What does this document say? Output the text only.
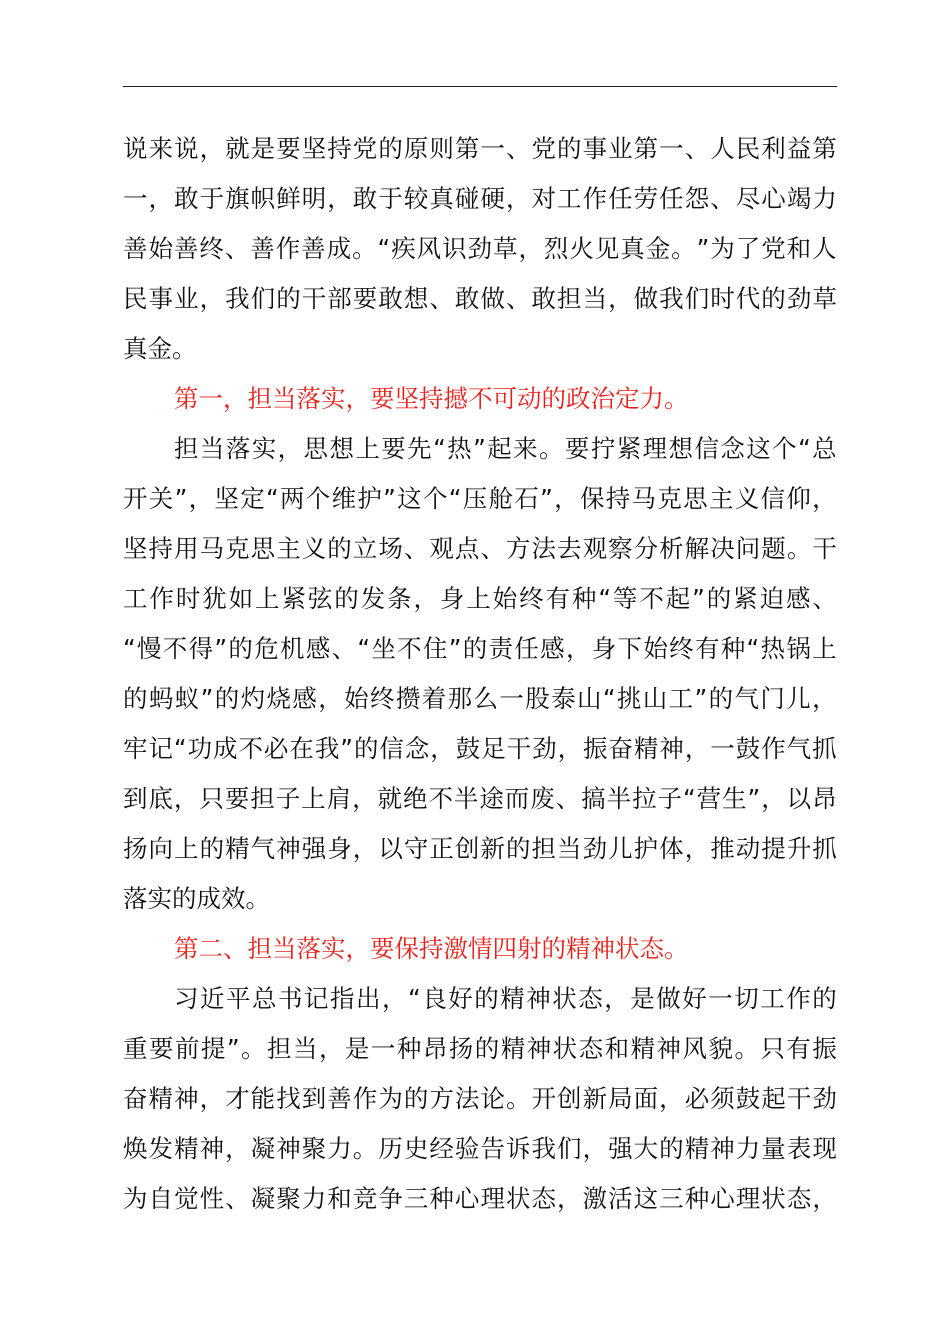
说 来 说 ， 就 是 要 坚 持 党 的 原 则 第 一 、 党 的 事 业 第 一 、 人 民 利 益 第
一 ， 敢 于 旗 帜 鲜 明 ， 敢 于 较 真 碰 硬 ， 对 工 作 任 劳 任 怨 、 尽 心 竭 力
善 始 善 终 、 善 作 善 成 。 “ 疾 风 识 劲 草 ， 烈 火 见 真 金 。 ” 为 了 党 和 人
民 事 业 ， 我 们 的 干 部 要 敢 想 、 敢 做 、 敢 担 当 ， 做 我 们 时 代 的 劲 草
真金。
第一，担当落实，要坚持撼不可动的政治定力。
担 当 落 实 ， 思 想 上 要 先 “ 热 ” 起 来 。 要 拧 紧 理 想 信 念 这 个 “ 总
开 关 ” ， 坚 定 “ 两 个 维 护 ” 这 个 “ 压 舱 石 ” ， 保 持 马 克 思 主 义 信 仰 ，
坚 持 用 马 克 思 主 义 的 立 场 、 观 点 、 方 法 去 观 察 分 析 解 决 问 题 。 干
工 作 时 犹 如 上 紧 弦 的 发 条 ， 身 上 始 终 有 种 “ 等 不 起 ” 的 紧 迫 感 、
“ 慢 不 得 ” 的 危 机 感 、 “ 坐 不 住 ” 的 责 任 感 ， 身 下 始 终 有 种 “ 热 锅 上
的 蚂 蚁 ” 的 灼 烧 感 ， 始 终 攒 着 那 么 一 股 泰 山 “ 挑 山 工 ” 的 气 门 儿 ，
牢 记 “ 功 成 不 必 在 我 ” 的 信 念 ， 鼓 足 干 劲 ， 振 奋 精 神 ， 一 鼓 作 气 抓
到 底 ， 只 要 担 子 上 肩 ， 就 绝 不 半 途 而 废 、 搞 半 拉 子 “ 营 生 ” ， 以 昂
扬 向 上 的 精 气 神 强 身 ， 以 守 正 创 新 的 担 当 劲 儿 护 体 ， 推 动 提 升 抓
落实的成效。
第二、担当落实，要保持激情四射的精神状态。
习 近 平 总 书 记 指 出 ， “ 良 好 的 精 神 状 态 ， 是 做 好 一 切 工 作 的
重 要 前 提 ” 。 担 当 ， 是 一 种 昂 扬 的 精 神 状 态 和 精 神 风 貌 。 只 有 振
奋 精 神 ， 才 能 找 到 善 作 为 的 方 法 论 。 开 创 新 局 面 ， 必 须 鼓 起 干 劲
焕 发 精 神 ， 凝 神 聚 力 。 历 史 经 验 告 诉 我 们 ， 强 大 的 精 神 力 量 表 现
为 自 觉 性 、 凝 聚 力 和 竞 争 三 种 心 理 状 态 ， 激 活 这 三 种 心 理 状 态 ，
